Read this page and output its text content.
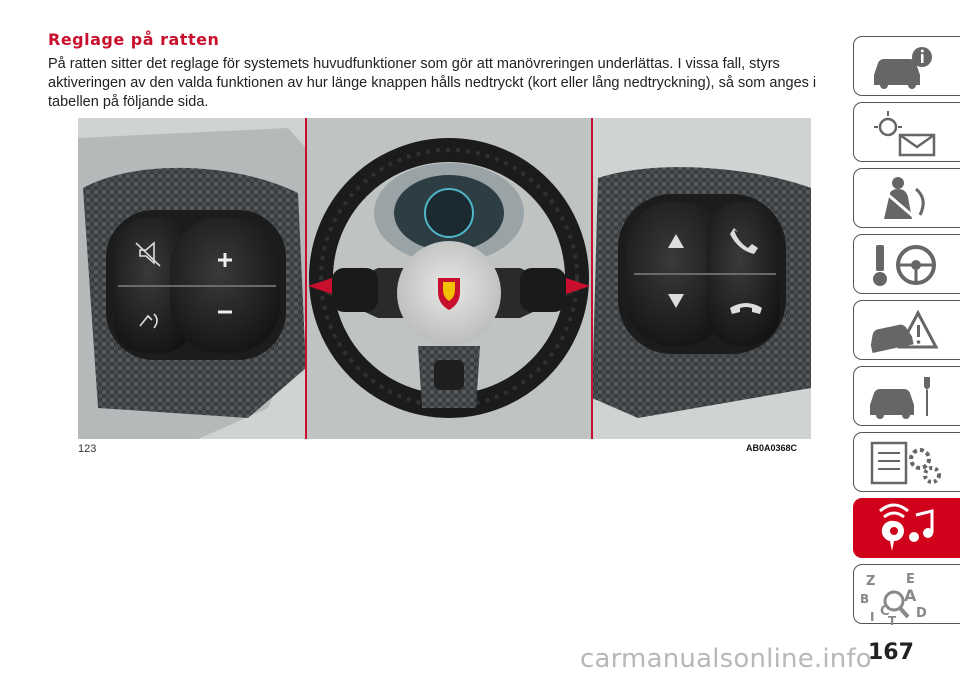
Reglage på ratten
På ratten sitter det reglage för systemets huvudfunktioner som gör att manövreringen underlättas. I vissa fall, styrs aktiveringen av den valda funktionen av hur länge knappen hålls nedtryckt (kort eller lång nedtryckning), så som anges i tabellen på följande sida.
123	AB0A0368C
Z E
B A
C D
T
I
carmanualsonline.info
167
